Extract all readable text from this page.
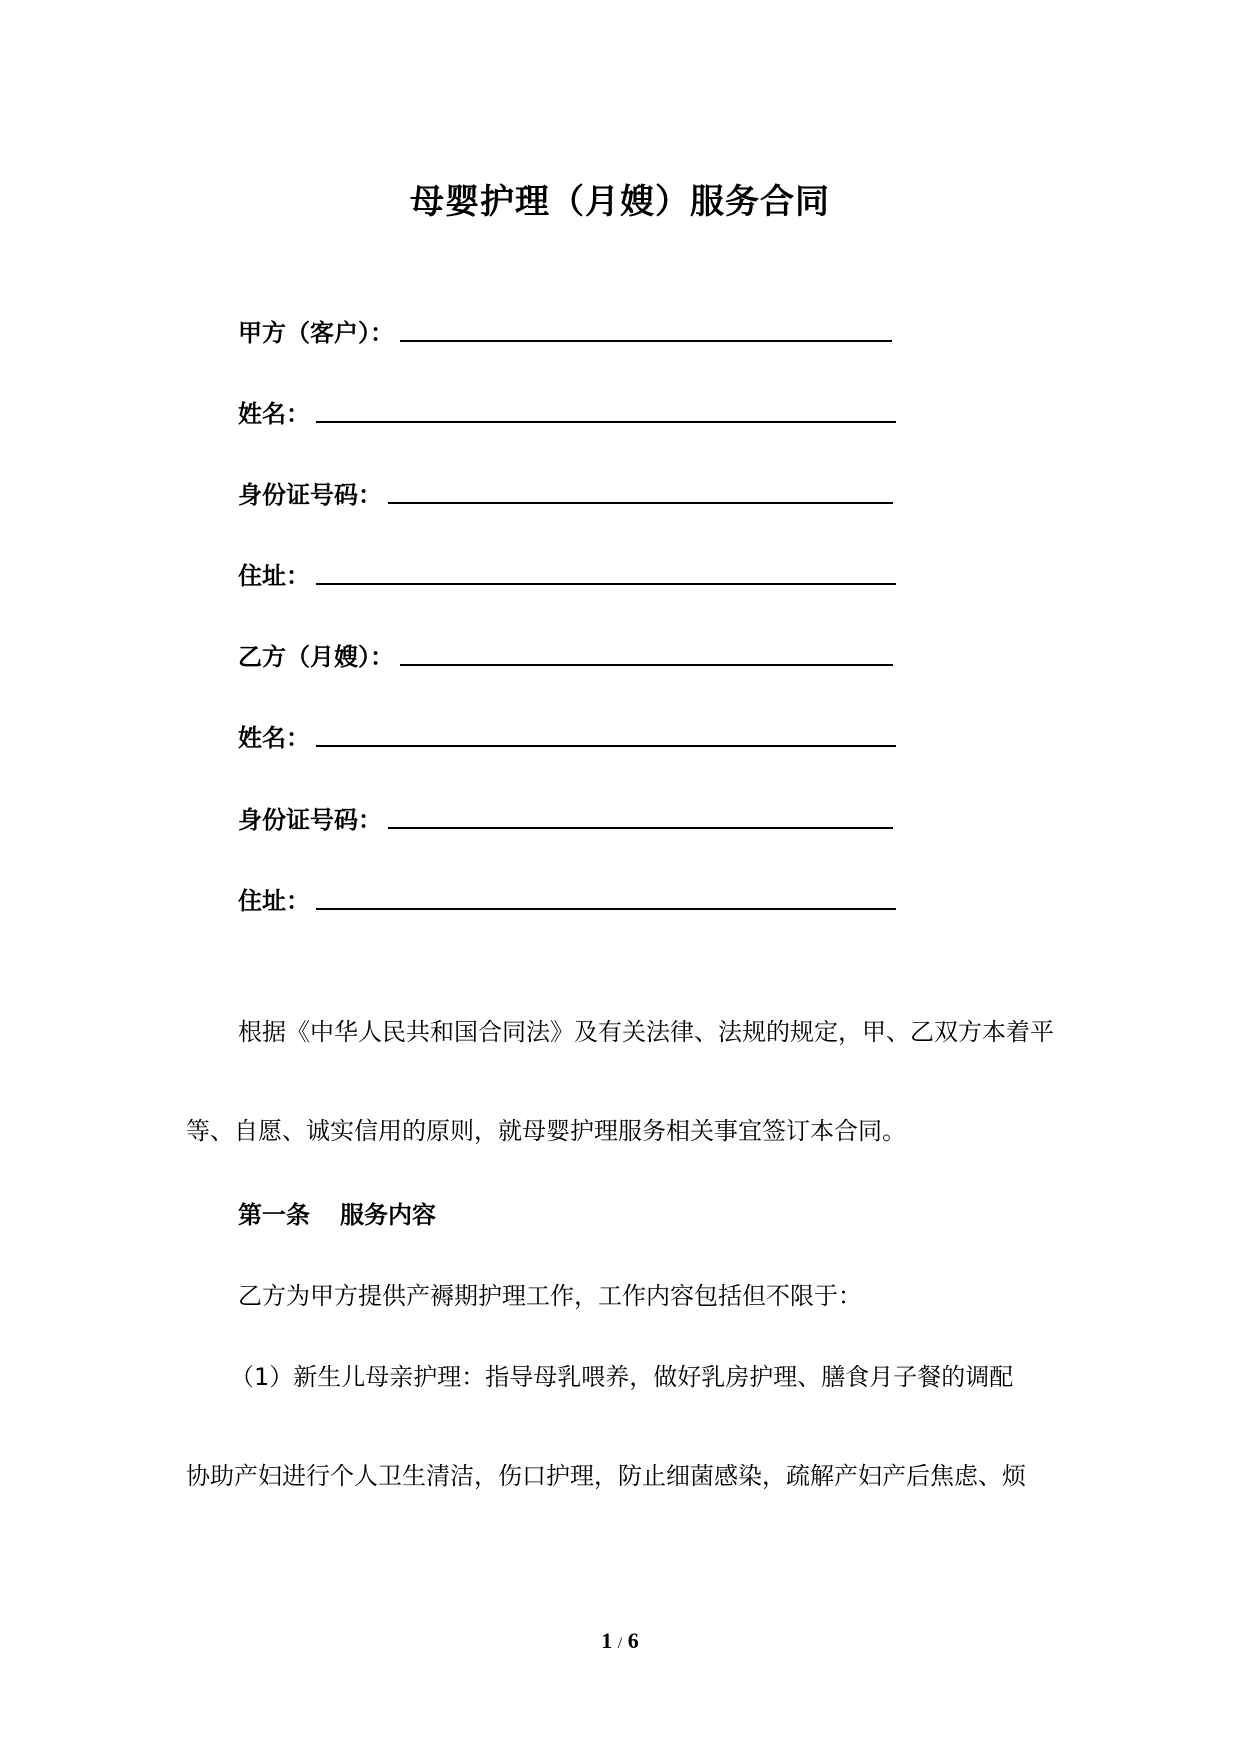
母婴护理（月嫂）服务合同
甲方（客户）：
姓名：
身份证号码：
住址：
乙方（月嫂）：
姓名：
身份证号码：
住址：
根据《中华人民共和国合同法》及有关法律、法规的规定，甲、乙双方本着平
等、自愿、诚实信用的原则，就母婴护理服务相关事宜签订本合同。
第一条 服务内容
乙方为甲方提供产褥期护理工作，工作内容包括但不限于：
（1）新生儿母亲护理：指导母乳喂养，做好乳房护理、膳食月子餐的调配
协助产妇进行个人卫生清洁，伤口护理，防止细菌感染，疏解产妇产后焦虑、烦
1 / 6
